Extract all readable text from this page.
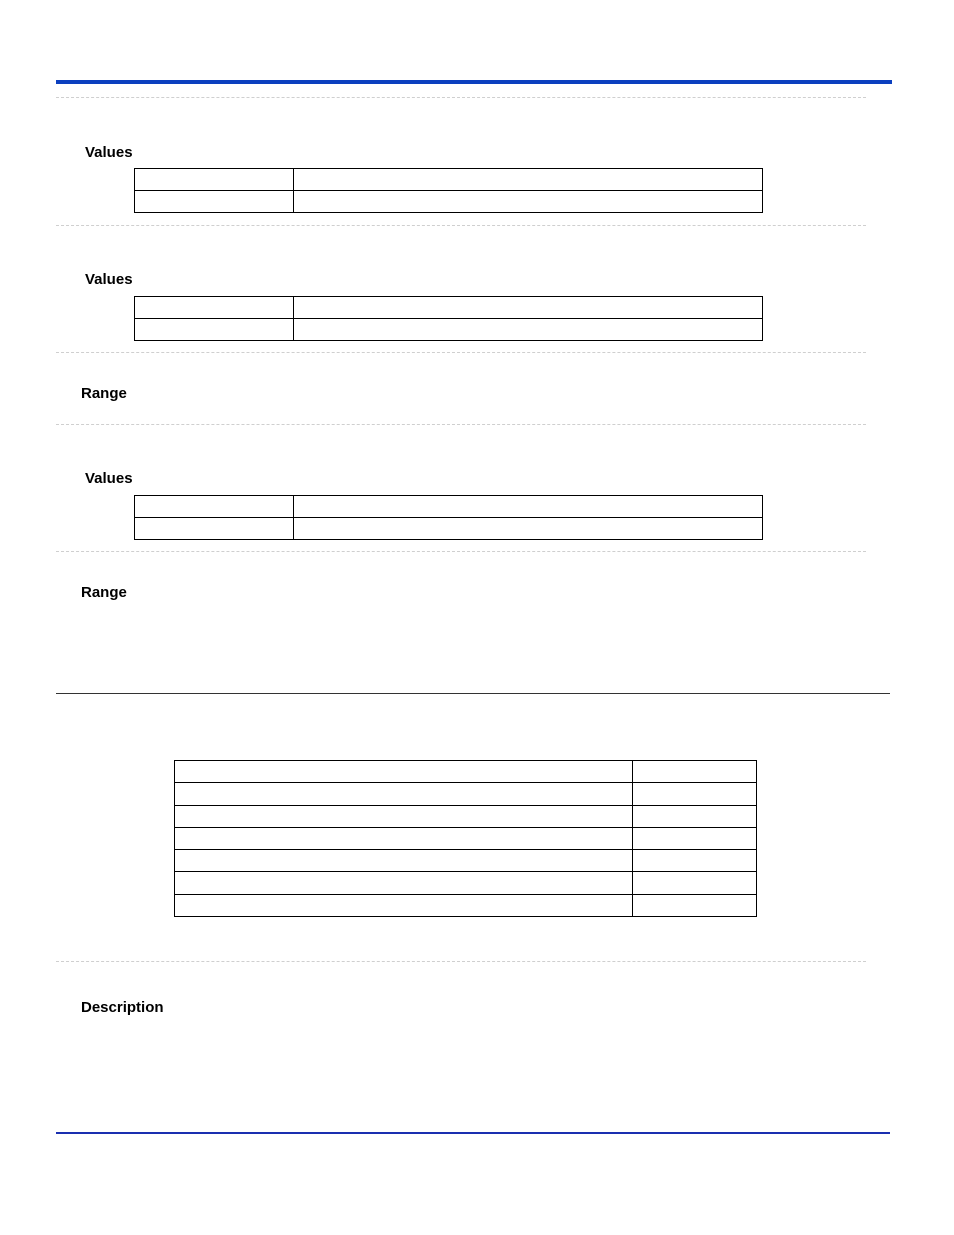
Values

Values

Range
Values

Range

Description
